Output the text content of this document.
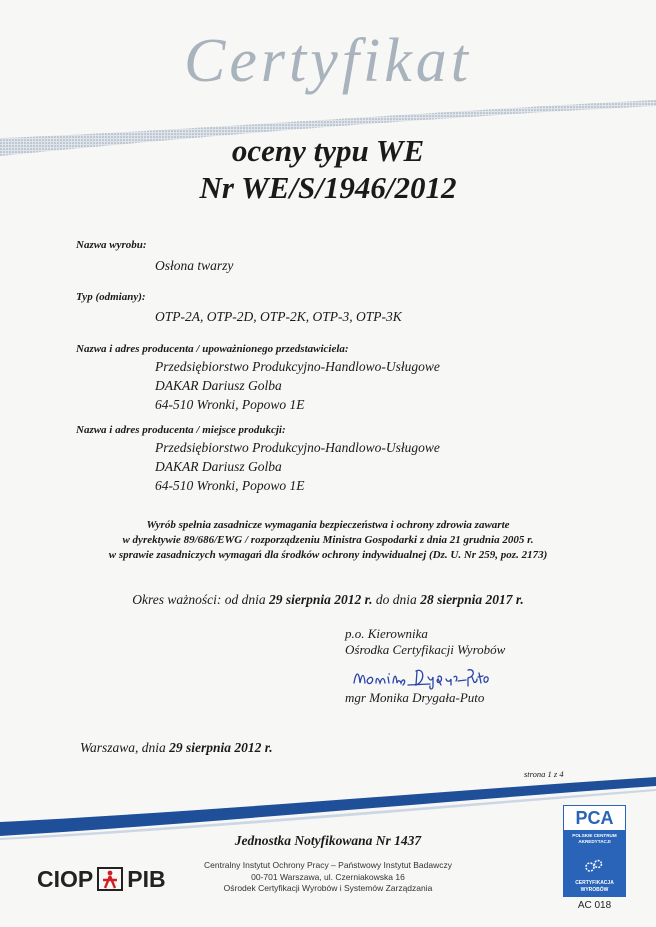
Certyfikat
oceny typu WE
Nr WE/S/1946/2012
Nazwa wyrobu:
Osłona twarzy
Typ (odmiany):
OTP-2A, OTP-2D, OTP-2K, OTP-3, OTP-3K
Nazwa i adres producenta / upoważnionego przedstawiciela:
Przedsiębiorstwo Produkcyjno-Handlowo-Usługowe
DAKAR Dariusz Golba
64-510 Wronki, Popowo 1E
Nazwa i adres producenta / miejsce produkcji:
Przedsiębiorstwo Produkcyjno-Handlowo-Usługowe
DAKAR Dariusz Golba
64-510 Wronki, Popowo 1E
Wyrób spełnia zasadnicze wymagania bezpieczeństwa i ochrony zdrowia zawarte
w dyrektywie 89/686/EWG / rozporządzeniu Ministra Gospodarki z dnia 21 grudnia 2005 r.
w sprawie zasadniczych wymagań dla środków ochrony indywidualnej (Dz. U. Nr 259, poz. 2173)
Okres ważności: od dnia 29 sierpnia 2012 r. do dnia 28 sierpnia 2017 r.
p.o. Kierownika
Ośrodka Certyfikacji Wyrobów
mgr Monika Drygała-Puto
Warszawa, dnia 29 sierpnia 2012 r.
strona 1 z 4
Jednostka Notyfikowana Nr 1437
Centralny Instytut Ochrony Pracy – Państwowy Instytut Badawczy
00-701 Warszawa, ul. Czerniakowska 16
Ośrodek Certyfikacji Wyrobów i Systemów Zarządzania
CIOP PIB
PCA
POLSKIE CENTRUM
AKREDYTACJI
CERTYFIKACJA
WYROBÓW
AC 018
